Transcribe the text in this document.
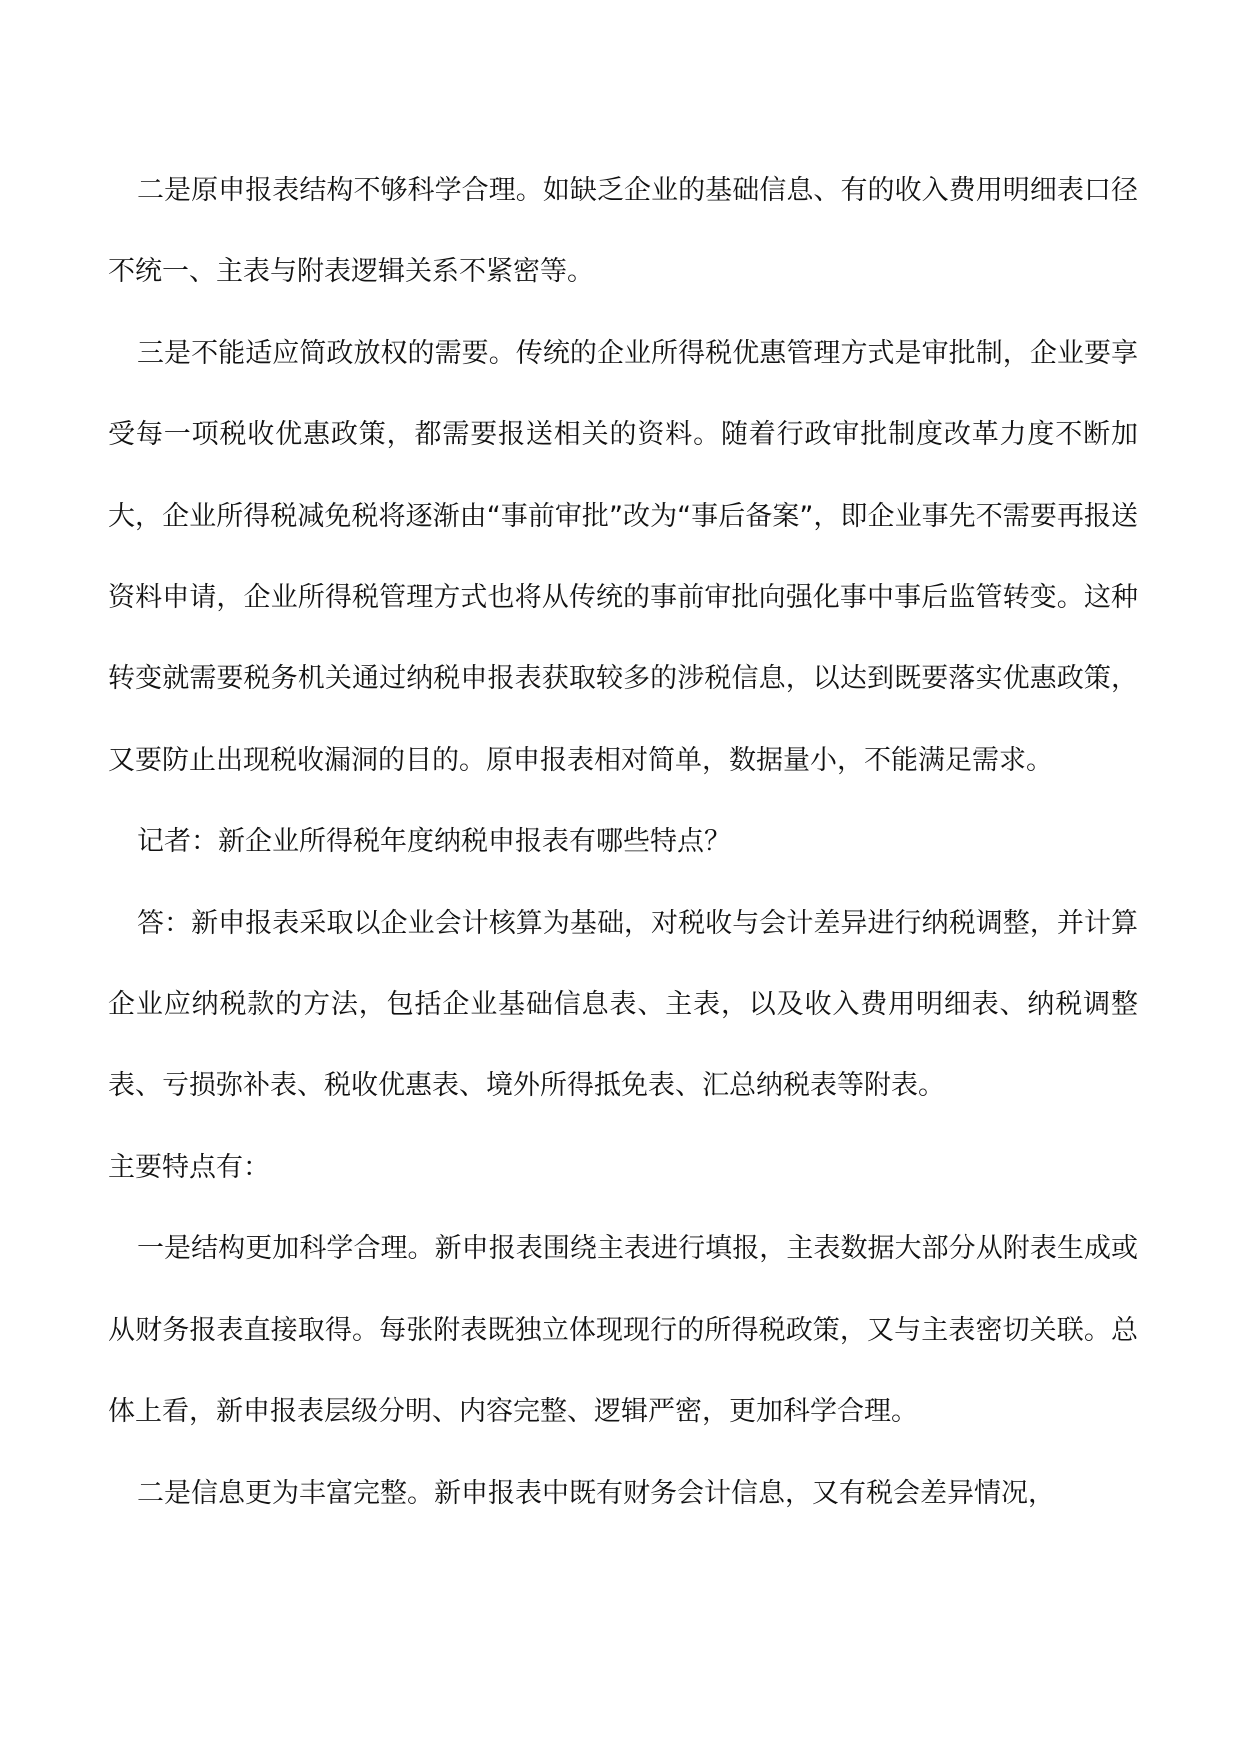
二是原申报表结构不够科学合理。如缺乏企业的基础信息、有的收入费用明细表口径不统一、主表与附表逻辑关系不紧密等。

三是不能适应简政放权的需要。传统的企业所得税优惠管理方式是审批制，企业要享受每一项税收优惠政策，都需要报送相关的资料。随着行政审批制度改革力度不断加大，企业所得税减免税将逐渐由“事前审批”改为“事后备案”，即企业事先不需要再报送资料申请，企业所得税管理方式也将从传统的事前审批向强化事中事后监管转变。这种转变就需要税务机关通过纳税申报表获取较多的涉税信息，以达到既要落实优惠政策，又要防止出现税收漏洞的目的。原申报表相对简单，数据量小，不能满足需求。

记者：新企业所得税年度纳税申报表有哪些特点？

答：新申报表采取以企业会计核算为基础，对税收与会计差异进行纳税调整，并计算企业应纳税款的方法，包括企业基础信息表、主表，以及收入费用明细表、纳税调整表、亏损弥补表、税收优惠表、境外所得抵免表、汇总纳税表等附表。

主要特点有：

一是结构更加科学合理。新申报表围绕主表进行填报，主表数据大部分从附表生成或从财务报表直接取得。每张附表既独立体现现行的所得税政策，又与主表密切关联。总体上看，新申报表层级分明、内容完整、逻辑严密，更加科学合理。

二是信息更为丰富完整。新申报表中既有财务会计信息，又有税会差异情况，
